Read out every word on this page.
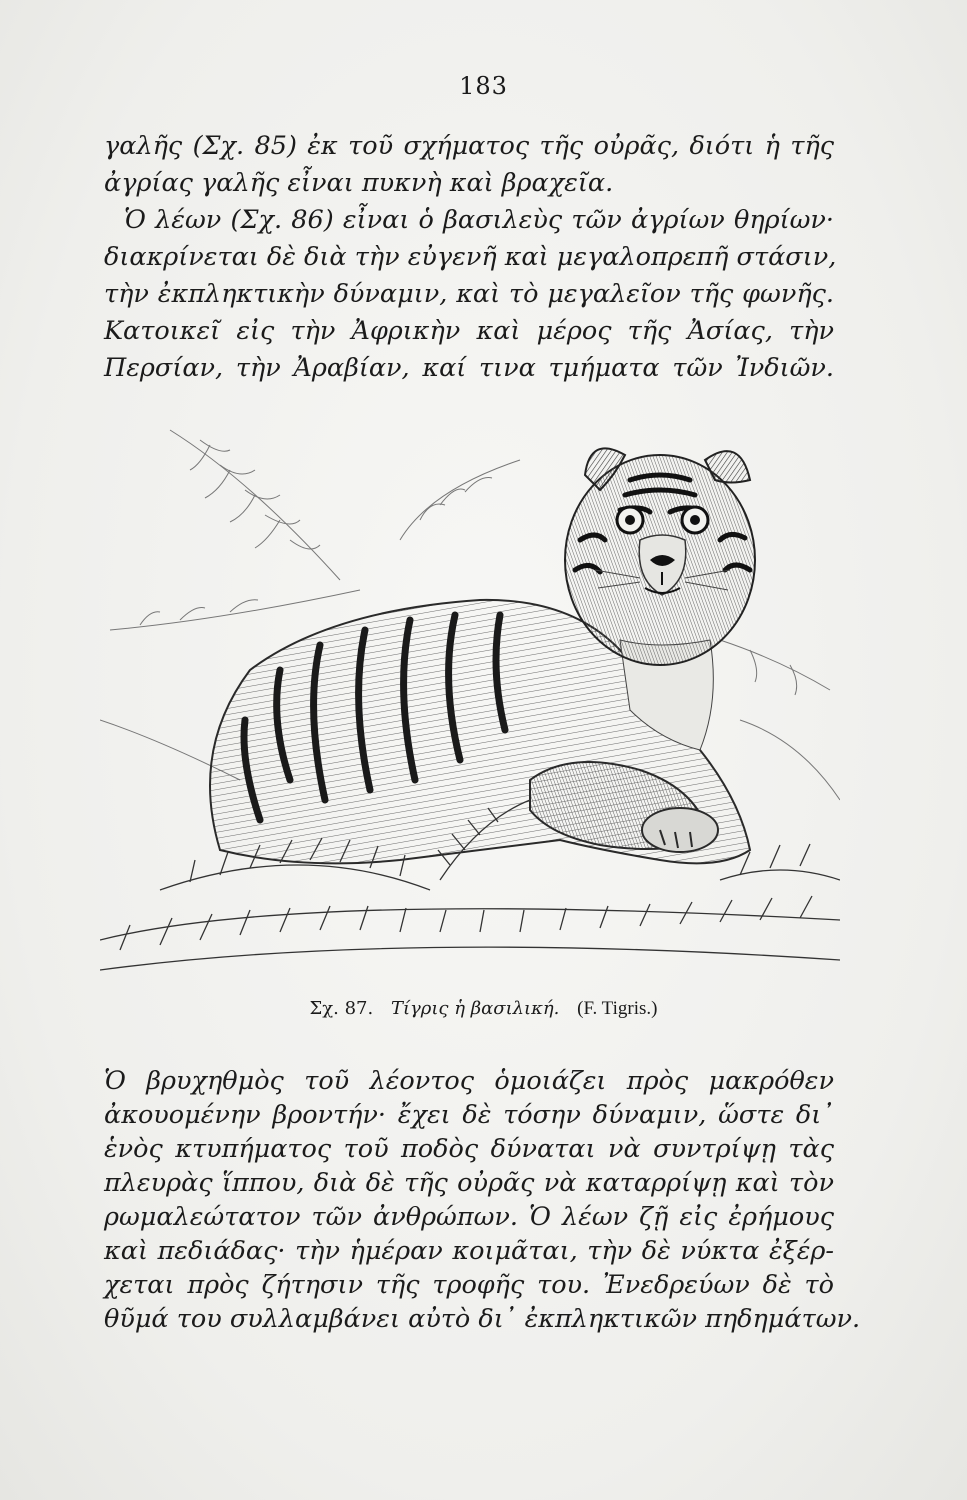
183
γαλῆς (Σχ. 85) ἐκ τοῦ σχήματος τῆς οὐρᾶς, διότι ἡ τῆς
ἀγρίας γαλῆς εἶναι πυκνὴ καὶ βραχεῖα.
Ὁ λέων (Σχ. 86) εἶναι ὁ βασιλεὺς τῶν ἀγρίων θηρίων·
διακρίνεται δὲ διὰ τὴν εὐγενῆ καὶ μεγαλοπρεπῆ στάσιν,
τὴν ἐκπληκτικὴν δύναμιν, καὶ τὸ μεγαλεῖον τῆς φωνῆς.
Κατοικεῖ εἰς τὴν Ἀφρικὴν καὶ μέρος τῆς Ἀσίας, τὴν
Περσίαν, τὴν Ἀραβίαν, καί τινα τμήματα τῶν Ἰνδιῶν.
Σχ. 87. Τίγρις ἡ βασιλική. (F. Tigris.)
Ὁ βρυχηθμὸς τοῦ λέοντος ὁμοιάζει πρὸς μακρόθεν
ἀκουομένην βροντήν· ἔχει δὲ τόσην δύναμιν, ὥστε δι᾽
ἑνὸς κτυπήματος τοῦ ποδὸς δύναται νὰ συντρίψῃ τὰς
πλευρὰς ἵππου, διὰ δὲ τῆς οὐρᾶς νὰ καταρρίψῃ καὶ τὸν
ρωμαλεώτατον τῶν ἀνθρώπων. Ὁ λέων ζῇ εἰς ἐρήμους
καὶ πεδιάδας· τὴν ἡμέραν κοιμᾶται, τὴν δὲ νύκτα ἐξέρ-
χεται πρὸς ζήτησιν τῆς τροφῆς του. Ἐνεδρεύων δὲ τὸ
θῦμά του συλλαμβάνει αὐτὸ δι᾽ ἐκπληκτικῶν πηδημάτων.
